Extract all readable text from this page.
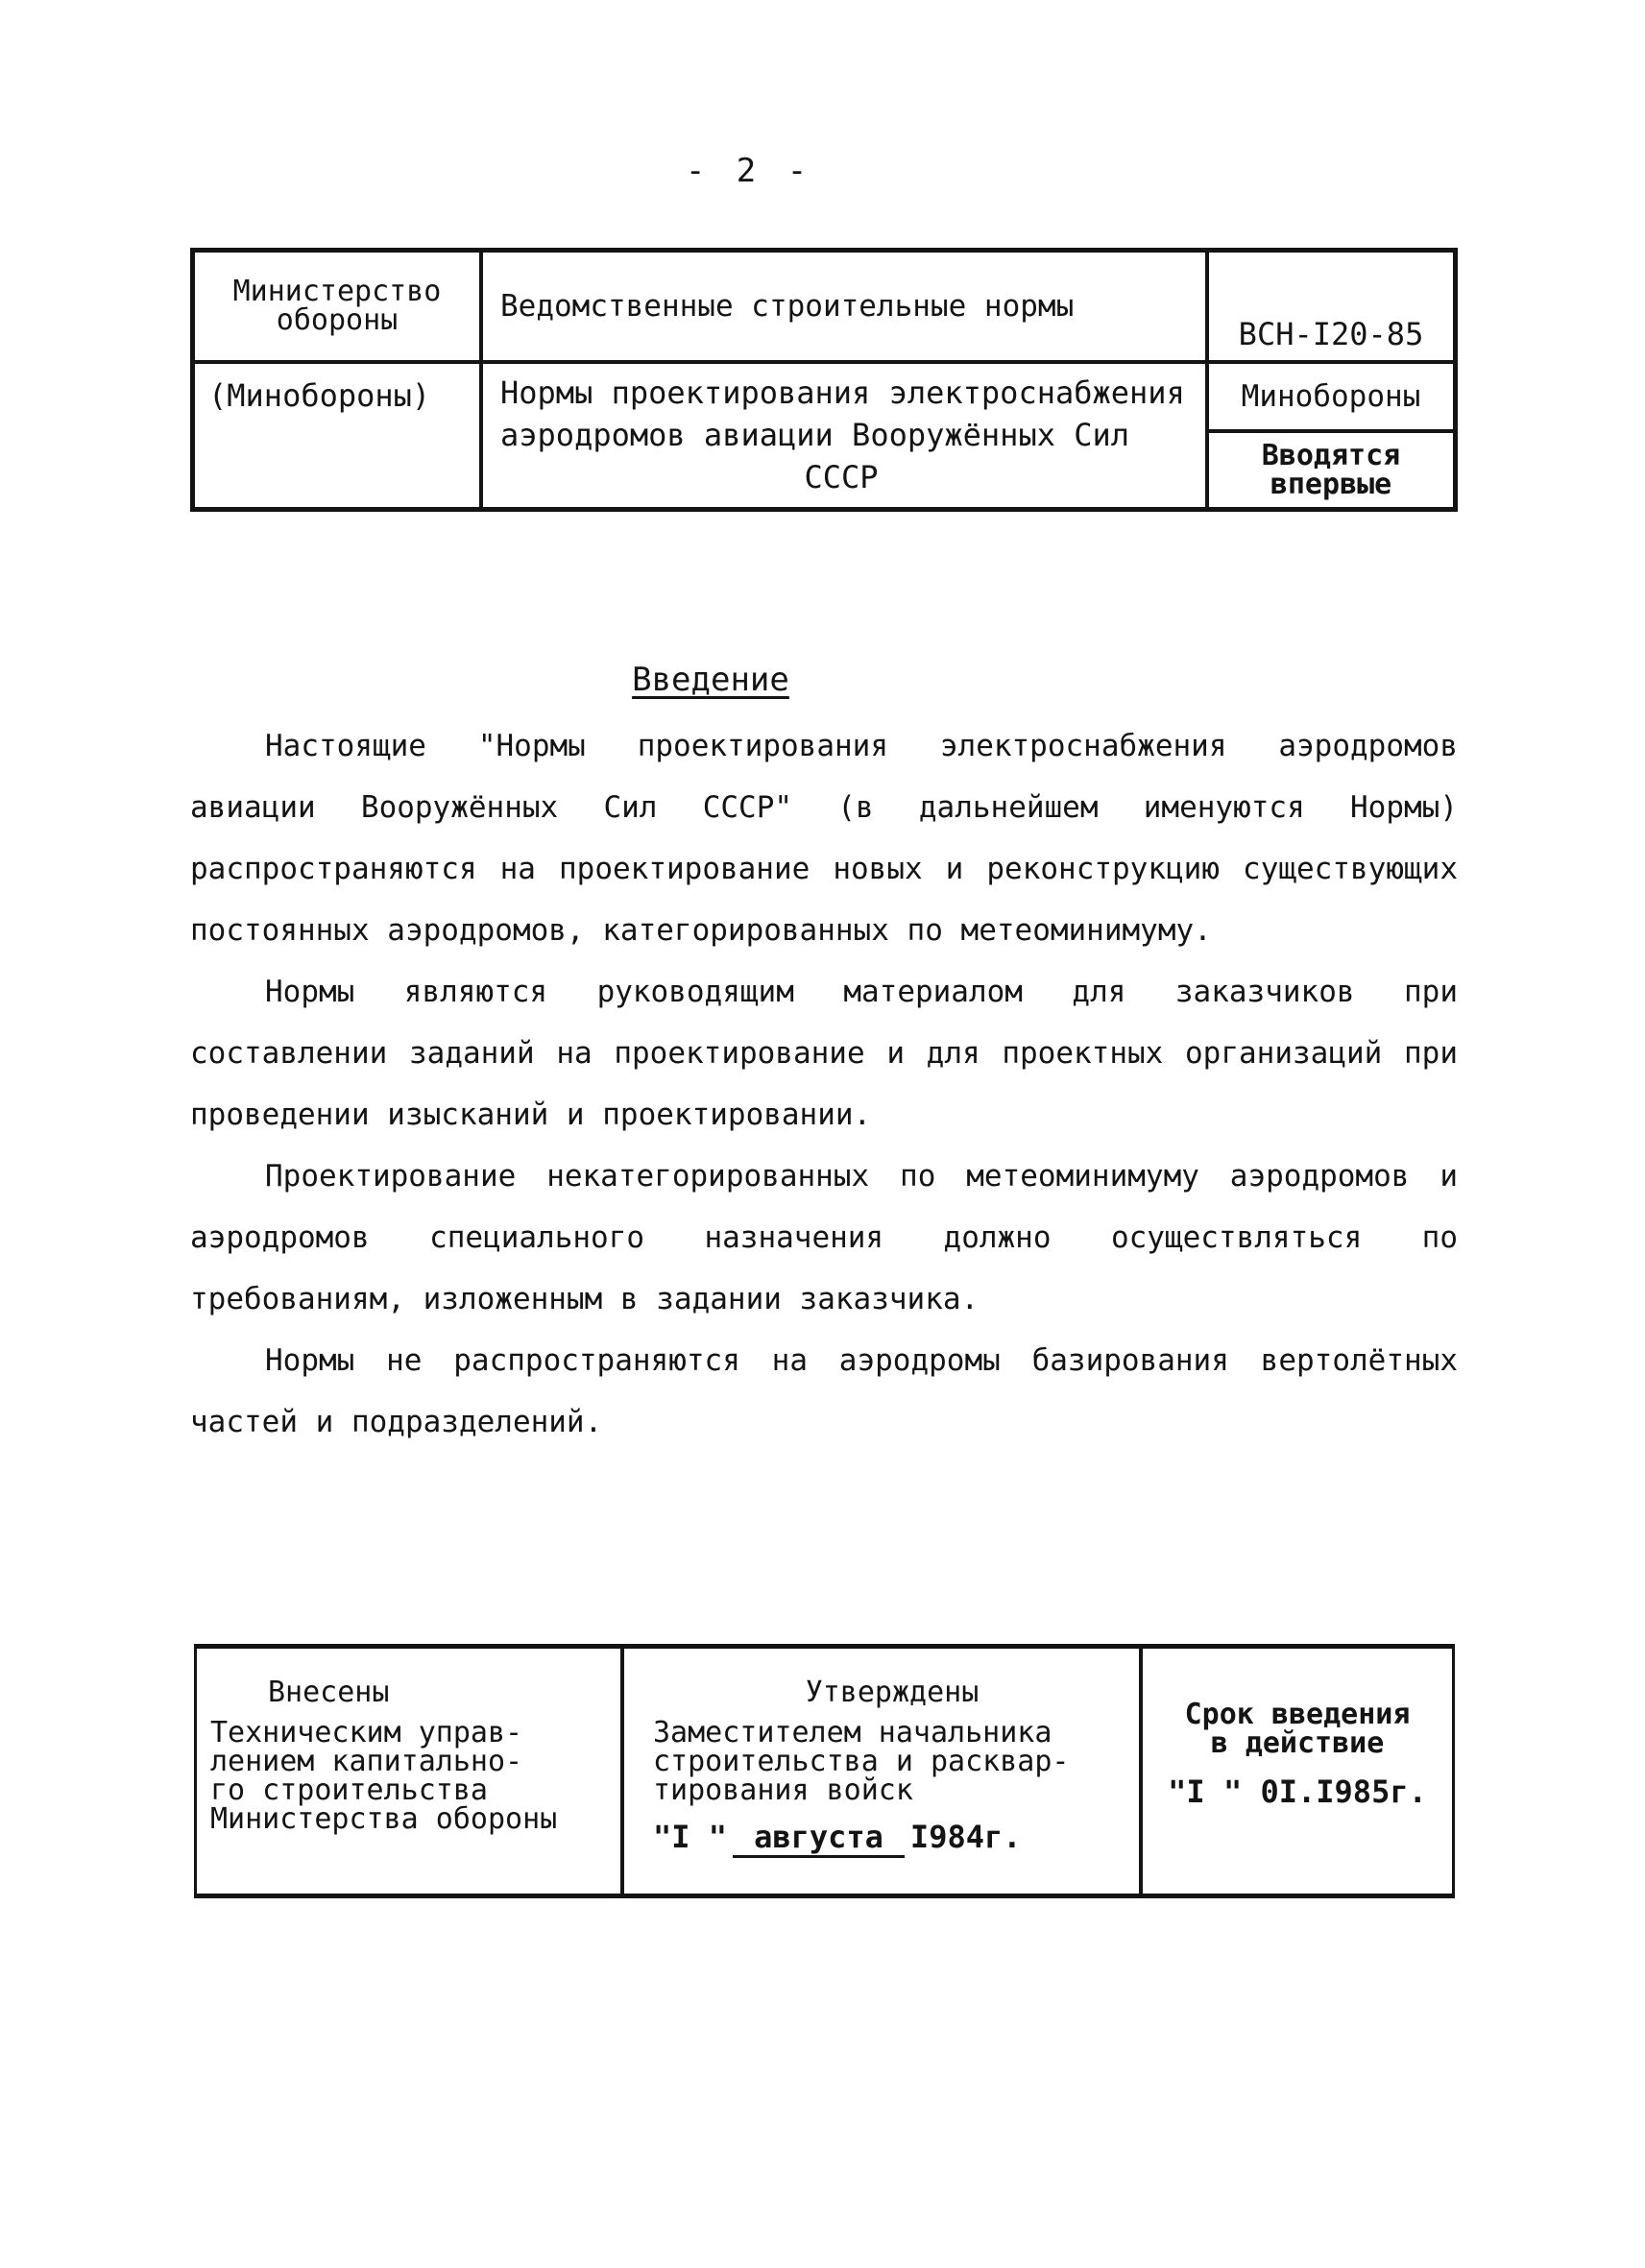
- 2 -
Министерство
обороны
(Минобороны)
Ведомственные строительные нормы
Нормы проектирования электроснабжения
аэродромов авиации Вооружённых Сил
СССР
ВСН-I20-85
Минобороны
Вводятся
впервые
Введение

Настоящие "Нормы проектирования электроснабжения аэродромов авиации Вооружённых Сил СССР" (в дальнейшем именуются Нормы) распространяются на проектирование новых и реконструкцию существующих постоянных аэродромов, категорированных по метеоминимуму.

Нормы являются руководящим материалом для заказчиков при составлении заданий на проектирование и для проектных организаций при проведении изысканий и проектировании.

Проектирование некатегорированных по метеоминимуму аэродромов и аэродромов специального назначения должно осуществляться по требованиям, изложенным в задании заказчика.

Нормы не распространяются на аэродромы базирования вертолётных частей и подразделений.

Внесены
Техническим управ-
лением капитально-
го строительства
Министерства обороны
Утверждены
Заместителем начальника
строительства и расквар-
тирования войск
"I " августа I984г.
Срок введения
в действие
"I " 0I.I985г.
